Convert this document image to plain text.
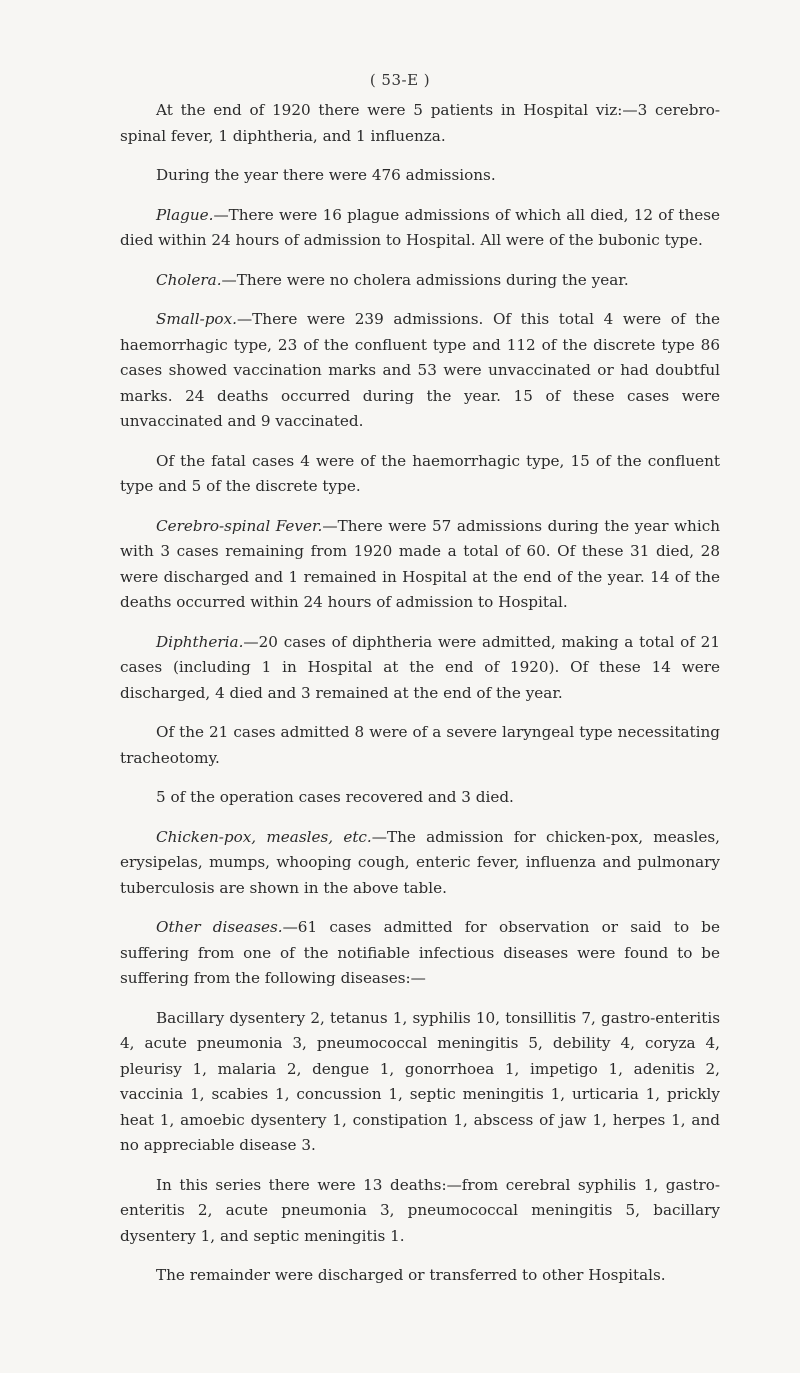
( 53-E )

At the end of 1920 there were 5 patients in Hospital viz:—3 cerebro-spinal fever, 1 diphtheria, and 1 influenza.

During the year there were 476 admissions.

Plague.—There were 16 plague admissions of which all died, 12 of these died within 24 hours of admission to Hospital. All were of the bubonic type.

Cholera.—There were no cholera admissions during the year.

Small-pox.—There were 239 admissions. Of this total 4 were of the haemorrhagic type, 23 of the confluent type and 112 of the discrete type 86 cases showed vaccination marks and 53 were unvaccinated or had doubtful marks. 24 deaths occurred during the year. 15 of these cases were unvaccinated and 9 vaccinated.

Of the fatal cases 4 were of the haemorrhagic type, 15 of the confluent type and 5 of the discrete type.

Cerebro-spinal Fever.—There were 57 admissions during the year which with 3 cases remaining from 1920 made a total of 60. Of these 31 died, 28 were discharged and 1 remained in Hospital at the end of the year. 14 of the deaths occurred within 24 hours of admission to Hospital.

Diphtheria.—20 cases of diphtheria were admitted, making a total of 21 cases (including 1 in Hospital at the end of 1920). Of these 14 were discharged, 4 died and 3 remained at the end of the year.

Of the 21 cases admitted 8 were of a severe laryngeal type necessitating tracheotomy.

5 of the operation cases recovered and 3 died.

Chicken-pox, measles, etc.—The admission for chicken-pox, measles, erysipelas, mumps, whooping cough, enteric fever, influenza and pulmonary tuberculosis are shown in the above table.

Other diseases.—61 cases admitted for observation or said to be suffering from one of the notifiable infectious diseases were found to be suffering from the following diseases:—

Bacillary dysentery 2, tetanus 1, syphilis 10, tonsillitis 7, gastro-enteritis 4, acute pneumonia 3, pneumococcal meningitis 5, debility 4, coryza 4, pleurisy 1, malaria 2, dengue 1, gonorrhoea 1, impetigo 1, adenitis 2, vaccinia 1, scabies 1, concussion 1, septic meningitis 1, urticaria 1, prickly heat 1, amoebic dysentery 1, constipation 1, abscess of jaw 1, herpes 1, and no appreciable disease 3.

In this series there were 13 deaths:—from cerebral syphilis 1, gastro-enteritis 2, acute pneumonia 3, pneumococcal meningitis 5, bacillary dysentery 1, and septic meningitis 1.

The remainder were discharged or transferred to other Hospitals.
